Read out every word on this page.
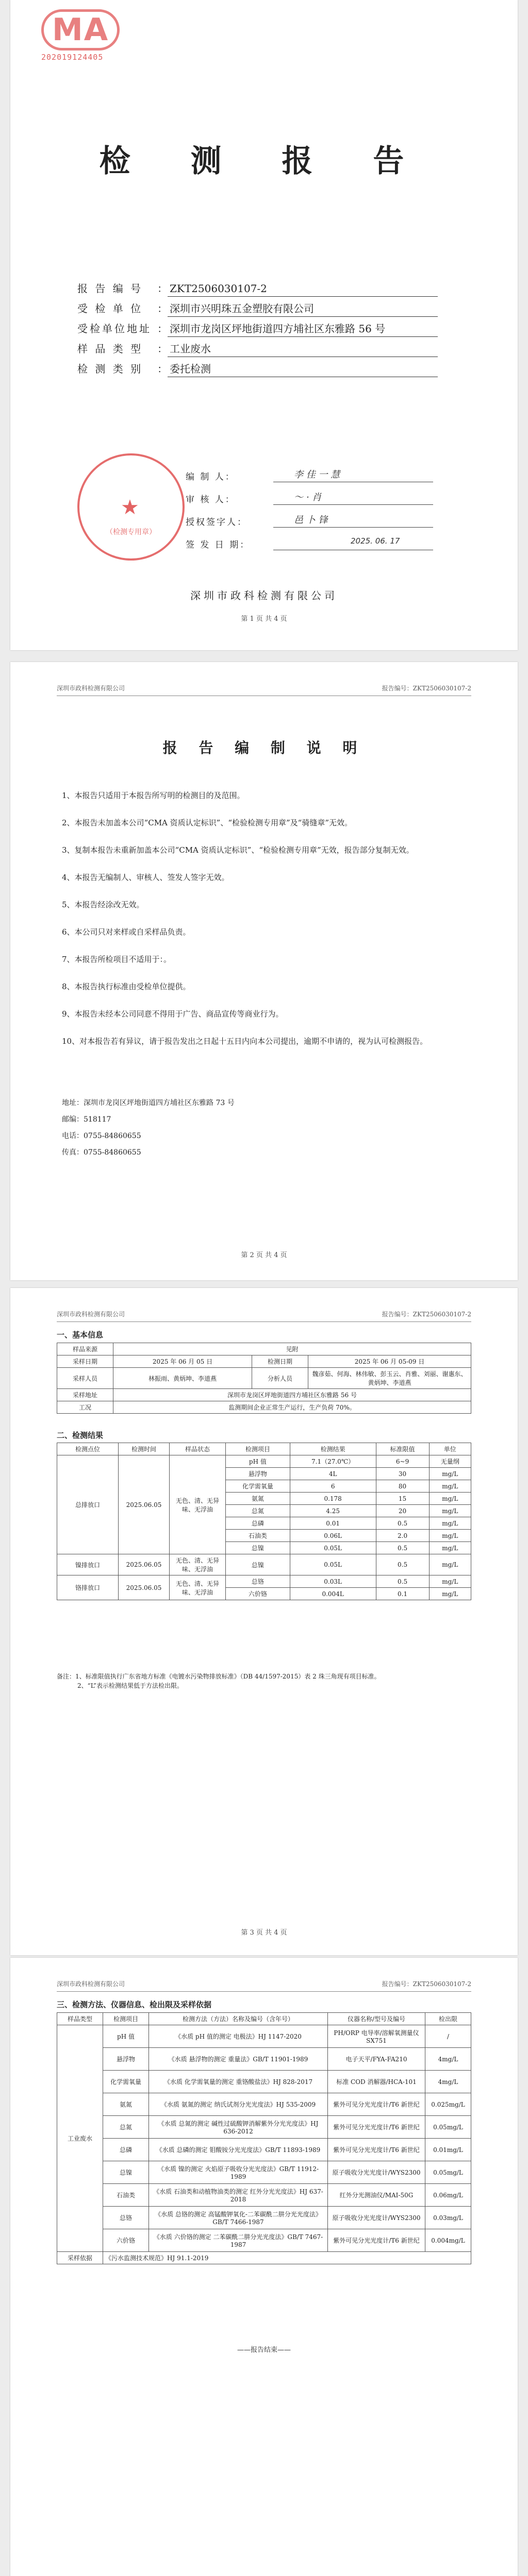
MA
202019124405
检 测 报 告
报 告 编 号	： ZKT2506030107-2
受 检 单 位	： 深圳市兴明珠五金塑胶有限公司
受检单位地址 ： 深圳市龙岗区坪地街道四方埔社区东雅路 56 号
样 品 类 型	： 工业废水
检 测 类 别	： 委托检测
★
（检测专用章）
编 制 人：	李 佳 一 慧
审 核 人：	～ · 肖
授权签字人：	邑 卜 锋
签 发 日 期：	2025. 06. 17
深圳市政科检测有限公司
第 1 页 共 4 页
深圳市政科检测有限公司	报告编号：ZKT2506030107-2
报 告 编 制 说 明
1、本报告只适用于本报告所写明的检测目的及范围。
2、本报告未加盖本公司“CMA 资质认定标识”、“检验检测专用章”及“骑缝章”无效。
3、复制本报告未重新加盖本公司“CMA 资质认定标识”、“检验检测专用章”无效，报告部分复制无效。
4、本报告无编制人、审核人、签发人签字无效。
5、本报告经涂改无效。
6、本公司只对来样或自采样品负责。
7、本报告所检项目不适用于：。
8、本报告执行标准由受检单位提供。
9、本报告未经本公司同意不得用于广告、商品宣传等商业行为。
10、对本报告若有异议，请于报告发出之日起十五日内向本公司提出，逾期不申请的，视为认可检测报告。
地址：深圳市龙岗区坪地街道四方埔社区东雅路 73 号
邮编：518117
电话：0755-84860655
传真：0755-84860655
第 2 页 共 4 页
深圳市政科检测有限公司	报告编号：ZKT2506030107-2
一、基本信息
样品来源	见附		
采样日期	2025 年 06 月 05 日	检测日期	2025 年 06 月 05-09 日
采样人员	林振雨、黄炳坤、李道燕	分析人员	魏彦茹、何海、林伟敏、彭玉云、肖雅、刘丽、谢惠东、黄炳坤、李道燕
采样地址	深圳市龙岗区坪地街道四方埔社区东雅路 56 号		
工况	监测期间企业正常生产运行，生产负荷 70%。		
二、检测结果
检测点位	检测时间	样品状态	检测项目	检测结果	标准限值	单位
总排放口	2025.06.05	无色、清、无异味、无浮油	pH 值	7.1（27.0℃）	6~9	无量纲
			悬浮物	4L	30	mg/L
			化学需氧量	6	80	mg/L
			氨氮	0.178	15	mg/L
			总氮	4.25	20	mg/L
			总磷	0.01	0.5	mg/L
			石油类	0.06L	2.0	mg/L
			总镍	0.05L	0.5	mg/L
镍排放口	2025.06.05	无色、清、无异味、无浮油	总镍	0.05L	0.5	mg/L
铬排放口	2025.06.05	无色、清、无异味、无浮油	总铬	0.03L	0.5	mg/L
			六价铬	0.004L	0.1	mg/L
备注：1、标准限值执行广东省地方标准《电镀水污染物排放标准》（DB 44/1597-2015）表 2 珠三角现有项目标准。
2、“L”表示检测结果低于方法检出限。
第 3 页 共 4 页
深圳市政科检测有限公司	报告编号：ZKT2506030107-2
三、检测方法、仪器信息、检出限及采样依据
样品类型	检测项目	检测方法（方法）名称及编号（含年号）	仪器名称/型号及编号	检出限
工业废水	pH 值	《水质 pH 值的测定 电极法》HJ 1147-2020	PH/ORP 电导率/溶解氧测量仪 SX751	/
	悬浮物	《水质 悬浮物的测定 重量法》GB/T 11901-1989	电子天平/FYA-FA210	4mg/L
	化学需氧量	《水质 化学需氧量的测定 重铬酸盐法》HJ 828-2017	标准 COD 消解器/HCA-101	4mg/L
	氨氮	《水质 氨氮的测定 纳氏试剂分光光度法》HJ 535-2009	紫外可见分光光度计/T6 新世纪	0.025mg/L
	总氮	《水质 总氮的测定 碱性过硫酸钾消解紫外分光光度法》HJ 636-2012	紫外可见分光光度计/T6 新世纪	0.05mg/L
	总磷	《水质 总磷的测定 钼酸铵分光光度法》GB/T 11893-1989	紫外可见分光光度计/T6 新世纪	0.01mg/L
	总镍	《水质 镍的测定 火焰原子吸收分光光度法》GB/T 11912-1989	原子吸收分光光度计/WYS2300	0.05mg/L
	石油类	《水质 石油类和动植物油类的测定 红外分光光度法》HJ 637-2018	红外分光测油仪/MAI-50G	0.06mg/L
	总铬	《水质 总铬的测定 高锰酸钾氧化-二苯碳酰二肼分光光度法》GB/T 7466-1987	原子吸收分光光度计/WYS2300	0.03mg/L
	六价铬	《水质 六价铬的测定 二苯碳酰二肼分光光度法》GB/T 7467-1987	紫外可见分光光度计/T6 新世纪	0.004mg/L
采样依据	《污水监测技术规范》HJ 91.1-2019			
——报告结束——
